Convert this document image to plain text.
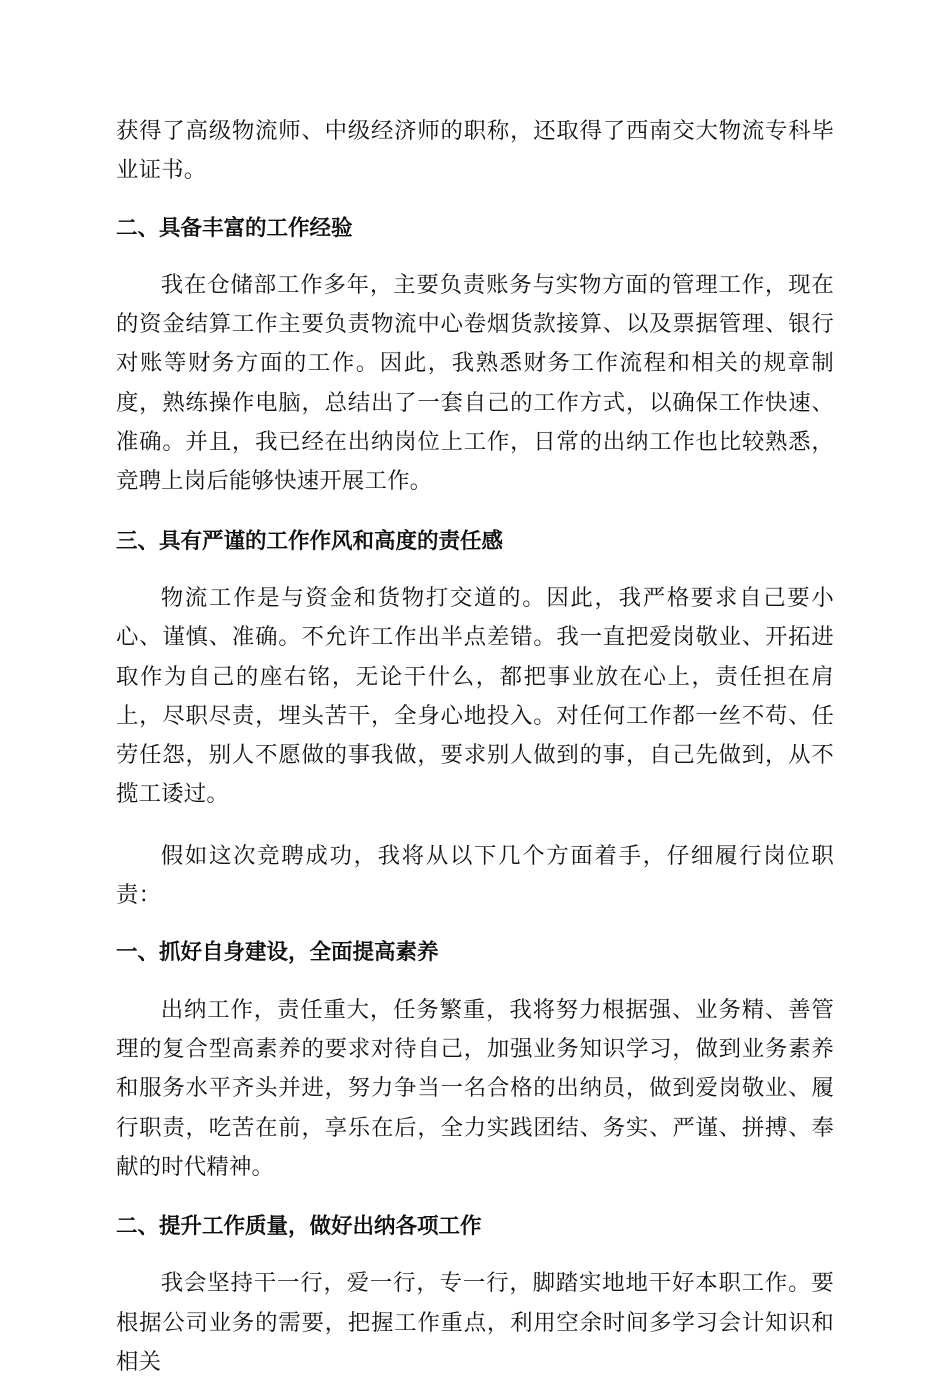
获得了高级物流师、中级经济师的职称，还取得了西南交大物流专科毕业证书。

二、具备丰富的工作经验

我在仓储部工作多年，主要负责账务与实物方面的管理工作，现在的资金结算工作主要负责物流中心卷烟货款接算、以及票据管理、银行对账等财务方面的工作。因此，我熟悉财务工作流程和相关的规章制度，熟练操作电脑，总结出了一套自己的工作方式，以确保工作快速、准确。并且，我已经在出纳岗位上工作，日常的出纳工作也比较熟悉，竞聘上岗后能够快速开展工作。

三、具有严谨的工作作风和高度的责任感

物流工作是与资金和货物打交道的。因此，我严格要求自己要小心、谨慎、准确。不允许工作出半点差错。我一直把爱岗敬业、开拓进取作为自己的座右铭，无论干什么，都把事业放在心上，责任担在肩上，尽职尽责，埋头苦干，全身心地投入。对任何工作都一丝不苟、任劳任怨，别人不愿做的事我做，要求别人做到的事，自己先做到，从不揽工诿过。

假如这次竞聘成功，我将从以下几个方面着手，仔细履行岗位职责：

一、抓好自身建设，全面提高素养

出纳工作，责任重大，任务繁重，我将努力根据强、业务精、善管理的复合型高素养的要求对待自己，加强业务知识学习，做到业务素养和服务水平齐头并进，努力争当一名合格的出纳员，做到爱岗敬业、履行职责，吃苦在前，享乐在后，全力实践团结、务实、严谨、拼搏、奉献的时代精神。

二、提升工作质量，做好出纳各项工作

我会坚持干一行，爱一行，专一行，脚踏实地地干好本职工作。要根据公司业务的需要，把握工作重点，利用空余时间多学习会计知识和相关
